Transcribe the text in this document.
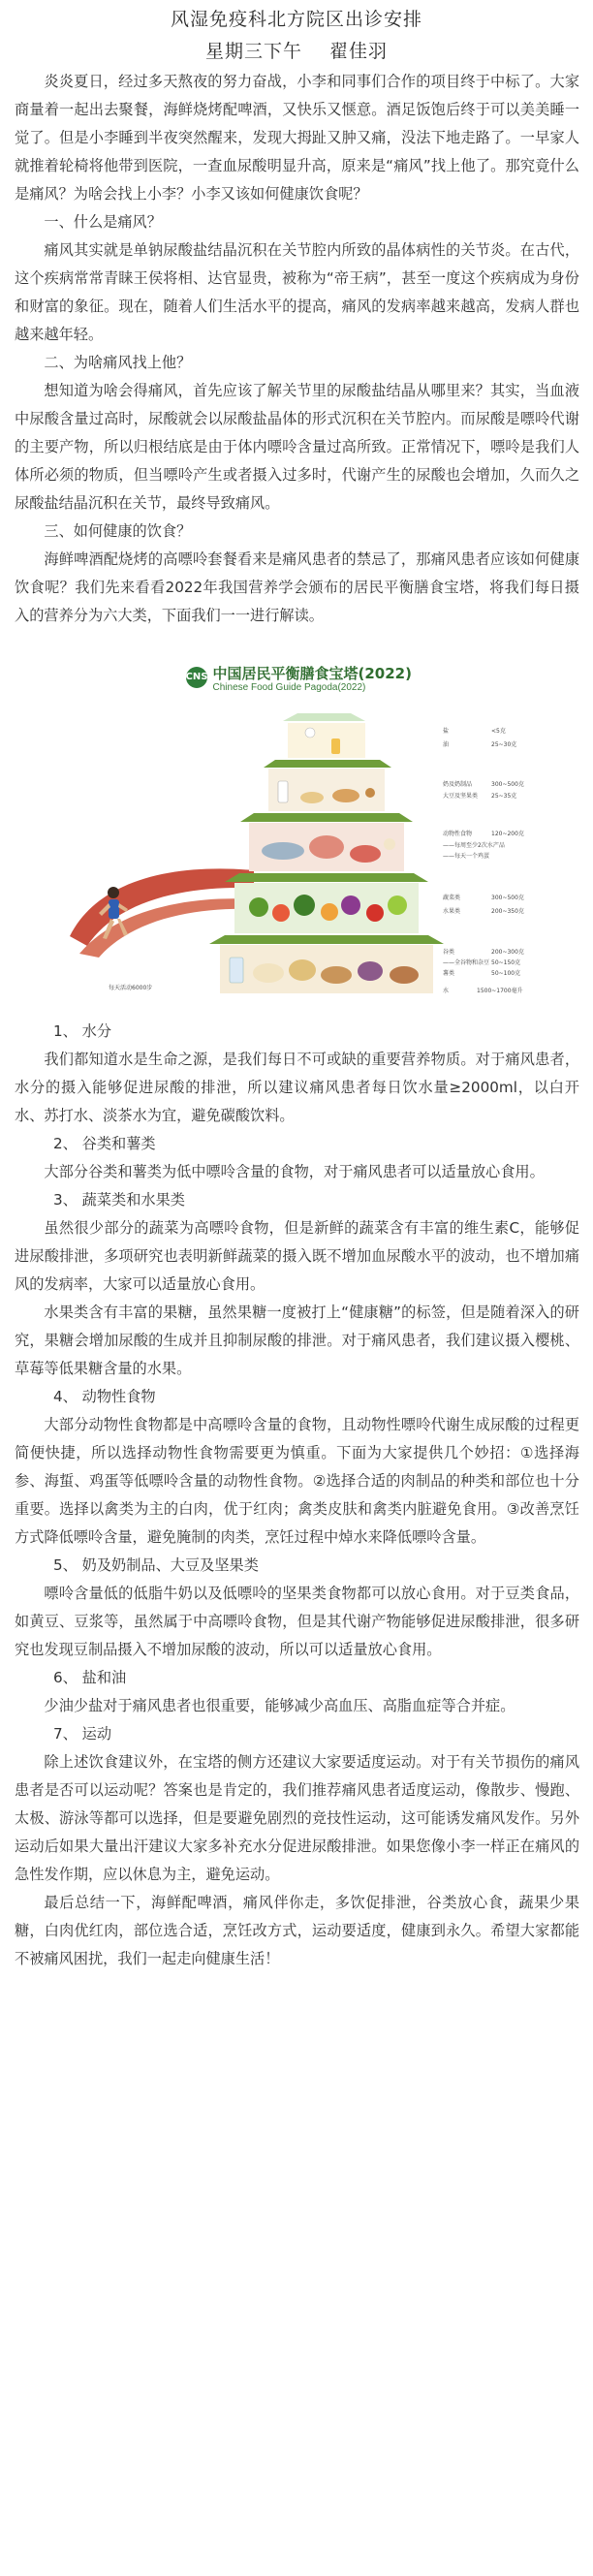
风湿免疫科北方院区出诊安排
星期三下午 翟佳羽

炎炎夏日，经过多天熬夜的努力奋战，小李和同事们合作的项目终于中标了。大家商量着一起出去聚餐，海鲜烧烤配啤酒，又快乐又惬意。酒足饭饱后终于可以美美睡一觉了。但是小李睡到半夜突然醒来，发现大拇趾又肿又痛，没法下地走路了。一早家人就推着轮椅将他带到医院，一查血尿酸明显升高，原来是“痛风”找上他了。那究竟什么是痛风？为啥会找上小李？小李又该如何健康饮食呢？

一、什么是痛风？

痛风其实就是单钠尿酸盐结晶沉积在关节腔内所致的晶体病性的关节炎。在古代，这个疾病常常青睐王侯将相、达官显贵，被称为“帝王病”，甚至一度这个疾病成为身份和财富的象征。现在，随着人们生活水平的提高，痛风的发病率越来越高，发病人群也越来越年轻。

二、为啥痛风找上他？

想知道为啥会得痛风，首先应该了解关节里的尿酸盐结晶从哪里来？其实，当血液中尿酸含量过高时，尿酸就会以尿酸盐晶体的形式沉积在关节腔内。而尿酸是嘌呤代谢的主要产物，所以归根结底是由于体内嘌呤含量过高所致。正常情况下，嘌呤是我们人体所必须的物质，但当嘌呤产生或者摄入过多时，代谢产生的尿酸也会增加，久而久之尿酸盐结晶沉积在关节，最终导致痛风。

三、如何健康的饮食？

海鲜啤酒配烧烤的高嘌呤套餐看来是痛风患者的禁忌了，那痛风患者应该如何健康饮食呢？我们先来看看2022年我国营养学会颁布的居民平衡膳食宝塔，将我们每日摄入的营养分为六大类，下面我们一一进行解读。

盐	<5克
油	25~30克
奶及奶制品	300~500克
大豆及坚果类 25~35克
动物性食物	120~200克
——每周至少2次水产品
——每天一个鸡蛋
蔬菜类	300~500克
水果类	200~350克
谷类	200~300克
——全谷物和杂豆 50~150克
薯类	50~100克
水	1500~1700毫升
每天活动6000步
CNS 中国居民平衡膳食宝塔(2022)
Chinese Food Guide Pagoda(2022)

1、 水分

我们都知道水是生命之源，是我们每日不可或缺的重要营养物质。对于痛风患者，水分的摄入能够促进尿酸的排泄，所以建议痛风患者每日饮水量≥2000ml，以白开水、苏打水、淡茶水为宜，避免碳酸饮料。

2、 谷类和薯类

大部分谷类和薯类为低中嘌呤含量的食物，对于痛风患者可以适量放心食用。

3、 蔬菜类和水果类

虽然很少部分的蔬菜为高嘌呤食物，但是新鲜的蔬菜含有丰富的维生素C，能够促进尿酸排泄，多项研究也表明新鲜蔬菜的摄入既不增加血尿酸水平的波动，也不增加痛风的发病率，大家可以适量放心食用。

水果类含有丰富的果糖，虽然果糖一度被打上“健康糖”的标签，但是随着深入的研究，果糖会增加尿酸的生成并且抑制尿酸的排泄。对于痛风患者，我们建议摄入樱桃、草莓等低果糖含量的水果。

4、 动物性食物

大部分动物性食物都是中高嘌呤含量的食物，且动物性嘌呤代谢生成尿酸的过程更简便快捷，所以选择动物性食物需要更为慎重。下面为大家提供几个妙招：①选择海参、海蜇、鸡蛋等低嘌呤含量的动物性食物。②选择合适的肉制品的种类和部位也十分重要。选择以禽类为主的白肉，优于红肉；禽类皮肤和禽类内脏避免食用。③改善烹饪方式降低嘌呤含量，避免腌制的肉类，烹饪过程中焯水来降低嘌呤含量。

5、 奶及奶制品、大豆及坚果类

嘌呤含量低的低脂牛奶以及低嘌呤的坚果类食物都可以放心食用。对于豆类食品，如黄豆、豆浆等，虽然属于中高嘌呤食物，但是其代谢产物能够促进尿酸排泄，很多研究也发现豆制品摄入不增加尿酸的波动，所以可以适量放心食用。

6、 盐和油

少油少盐对于痛风患者也很重要，能够减少高血压、高脂血症等合并症。

7、 运动

除上述饮食建议外，在宝塔的侧方还建议大家要适度运动。对于有关节损伤的痛风患者是否可以运动呢？答案也是肯定的，我们推荐痛风患者适度运动，像散步、慢跑、太极、游泳等都可以选择，但是要避免剧烈的竞技性运动，这可能诱发痛风发作。另外运动后如果大量出汗建议大家多补充水分促进尿酸排泄。如果您像小李一样正在痛风的急性发作期，应以休息为主，避免运动。

最后总结一下，海鲜配啤酒，痛风伴你走，多饮促排泄，谷类放心食，蔬果少果糖，白肉优红肉，部位选合适，烹饪改方式，运动要适度，健康到永久。希望大家都能不被痛风困扰，我们一起走向健康生活！
